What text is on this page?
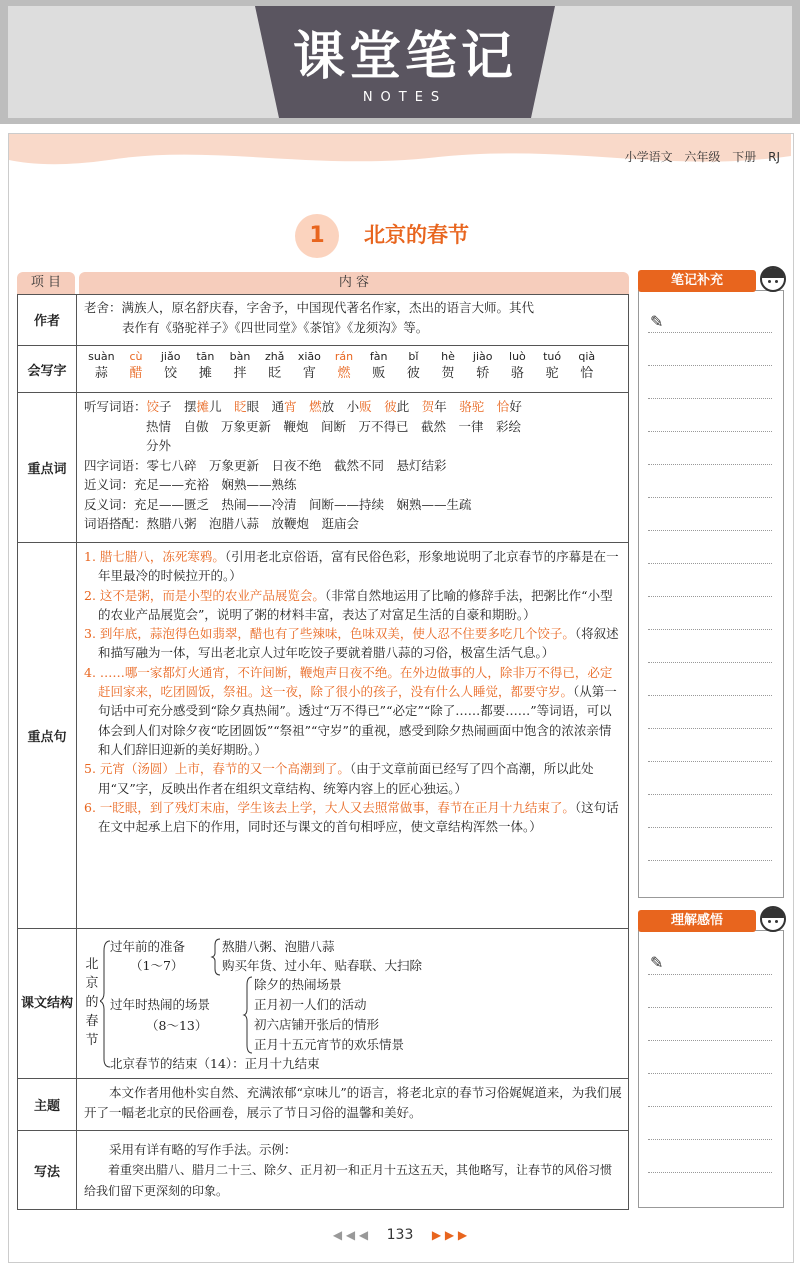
课堂笔记
NOTES
小学语文 六年级 下册 RJ
1	北京的春节
项 目	内 容
作者
老舍：满族人，原名舒庆春，字舍予，中国现代著名作家，杰出的语言大师。其代
表作有《骆驼祥子》《四世同堂》《茶馆》《龙须沟》等。
会写字
suàn
蒜
cù
醋
jiǎo
饺
tān
摊
bàn
拌
zhǎ
眨
xiāo
宵
rán
燃
fàn
贩
bǐ
彼
hè
贺
jiào
轿
luò
骆
tuó
驼
qià
恰
重点词
听写词语：饺子　摆摊儿　眨眼　通宵　 燃放　小贩　 彼此　贺年　骆驼　 恰好
热情　自傲　万象更新　鞭炮　间断　万不得已　截然　一律　彩绘
分外
四字词语：零七八碎　万象更新　日夜不绝　截然不同　悬灯结彩
近义词：充足——充裕　娴熟——熟练
反义词：充足——匮乏　热闹——冷清　间断——持续　娴熟——生疏
词语搭配：熬腊八粥　泡腊八蒜　放鞭炮　逛庙会
重点句
1. 腊七腊八，冻死寒鸦。（引用老北京俗语，富有民俗色彩，形象地说明了北京春节的序幕是在一年里最冷的时候拉开的。）
2. 这不是粥，而是小型的农业产品展览会。（非常自然地运用了比喻的修辞手法，把粥比作“小型的农业产品展览会”，说明了粥的材料丰富，表达了对富足生活的自豪和期盼。）
3. 到年底，蒜泡得色如翡翠，醋也有了些辣味，色味双美，使人忍不住要多吃几个饺子。（将叙述和描写融为一体，写出老北京人过年吃饺子要就着腊八蒜的习俗，极富生活气息。）
4. ……哪一家都灯火通宵，不许间断，鞭炮声日夜不绝。在外边做事的人，除非万不得已，必定赶回家来，吃团圆饭，祭祖。这一夜，除了很小的孩子，没有什么人睡觉，都要守岁。（从第一句话中可充分感受到“除夕真热闹”。透过“万不得已”“必定”“除了……都要……”等词语，可以体会到人们对除夕夜“吃团圆饭”“祭祖”“守岁”的重视，感受到除夕热闹画面中饱含的浓浓亲情和人们辞旧迎新的美好期盼。）
5. 元宵（汤圆）上市，春节的又一个高潮到了。（由于文章前面已经写了四个高潮，所以此处用“又”字，反映出作者在组织文章结构、统筹内容上的匠心独运。）
6. 一眨眼，到了残灯末庙，学生该去上学，大人又去照常做事，春节在正月十九结束了。（这句话在文中起承上启下的作用，同时还与课文的首句相呼应，使文章结构浑然一体。）
课文结构
北
京
的
春
节
过年前的准备
（1～7）
熬腊八粥、泡腊八蒜
购买年货、过小年、贴春联、大扫除
过年时热闹的场景
（8～13）
除夕的热闹场景
正月初一人们的活动
初六店铺开张后的情形
正月十五元宵节的欢乐情景
北京春节的结束（14）：正月十九结束
主题
本文作者用他朴实自然、充满浓郁“京味儿”的语言，将老北京的春节习俗娓娓道来，为我们展开了一幅老北京的民俗画卷，展示了节日习俗的温馨和美好。
写法
采用有详有略的写作手法。示例：
着重突出腊八、腊月二十三、除夕、正月初一和正月十五这五天，其他略写，让春节的风俗习惯给我们留下更深刻的印象。
笔记补充
✎
理解感悟
✎
◀ ◀ ◀ 133 ▶ ▶ ▶
